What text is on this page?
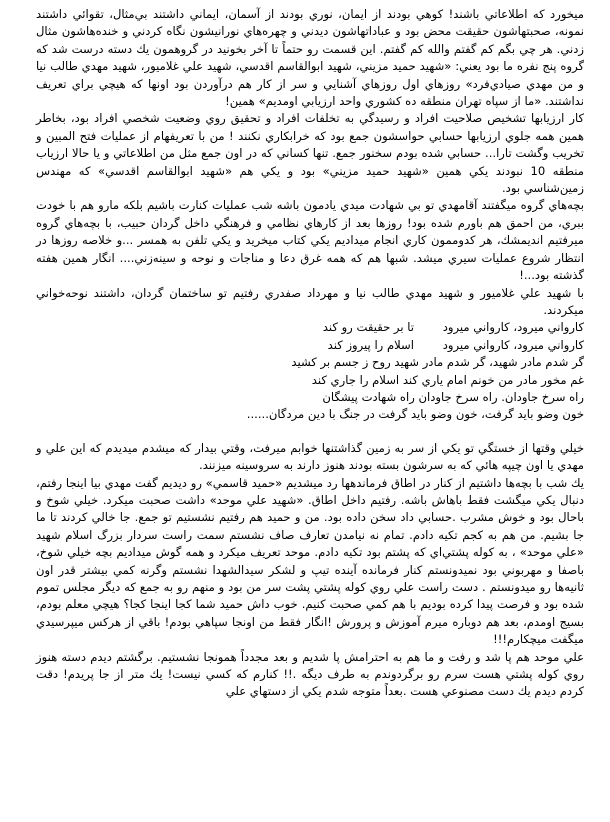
ميخورد كه اطلاعاتي باشند! كوهي بودند از ايمان، نوري بودند از آسمان، ايماني داشتند بي‌مثال، تقوائي داشتند نمونه، صحبتهاشون حقيقت محض بود و عباداتهاشون ديدني و چهره‌هاي نورانيشون نگاه كردني و خنده‌هاشون مثال زدني. هر چي بگم كم گفتم والله كم گفتم. اين قسمت رو حتماً تا آخر بخونيد در گروهمون يك دسته درست شد كه گروه پنج نفره ما بود يعني: «شهيد حميد مزيني، شهيد ابوالقاسم اقدسي، شهيد علي غلاميور، شهيد مهدي طالب نيا و من مهدي صيادي‌فرد» روزهاي اول روزهاي آشنايي و سر از كار هم درآوردن بود اونها كه هيچي براي تعريف نداشتند. «ما از سپاه تهران منطقه ده كشوري واحد ارزيابي اومديم» همين!

كار ارزيابها تشخيص صلاحيت افراد و رسيدگي به تخلفات افراد و تحقيق روي وضعيت شخصي افراد بود، بخاطر همين همه جلوي ارزيابها حسابي حواسشون جمع بود كه خرابكاري نكنند ! من با تعريفهام از عمليات فتح المبين و تخريب وگشت تارا... حسابي شده بودم سخنور جمع. تنها كساني كه در اون جمع مثل من اطلاعاتي و يا حالا ارزياب منطقه 10 نبودند يكي همين «شهيد حميد مزيني» بود و يكي هم «شهيد ابوالقاسم اقدسي» كه مهندس زمين‌شناسي بود.

بچه‌هاي گروه ميگفتند آقامهدي تو بي شهادت ميدي يادمون باشه شب عمليات كنارت باشيم بلكه مارو هم با خودت ببري، من احمق هم باورم شده بود! روزها بعد از كارهاي نظامي و فرهنگي داخل گردان حبيب، با بچه‌هاي گروه ميرفتيم انديمشك، هر كدوممون كاري انجام ميداديم يكي كتاب ميخريد و يكي تلفن به همسر ...و خلاصه روزها در انتظار شروع عمليات سيري ميشد. شبها هم كه همه غرق دعا و مناجات و نوحه و سينه‌زني.... انگار همين هفته گذشته بود...!

با شهيد علي غلاميور و شهيد مهدي طالب نيا و مهرداد صفدري رفتيم تو ساختمان گردان، داشتند نوحه‌خواني ميكردند.

كارواني ميرود، كارواني ميرود
تا بر حقيقت رو كند
كارواني ميرود، كارواني ميرود
اسلام را پيروز كند

گر شدم مادر شهيد، گر شدم مادر شهيد روح ز جسم بر كشيد

غم مخور مادر من خونم امام ياري كند اسلام را جاري كند

راه سرخ جاودان. راه سرخ جاودان راه شهادت پيشگان

خون وضو بايد گرفت، خون وضو بايد گرفت در جنگ با دين مردگان......

خيلي وقتها از خستگي تو يكي از سر به زمين گذاشتنها خوابم ميرفت، وقتي بيدار كه ميشدم ميديدم كه اين علي و مهدي يا اون چيپه هائي كه به سرشون بسته بودند هنوز دارند به سروسينه ميزنند.

يك شب با بچه‌ها داشتيم از كنار در اطاق فرماندهها رد ميشديم «حميد قاسمي» رو ديديم گفت مهدي بيا اينجا رفتم، دنبال يكي ميگشت فقط باهاش باشه. رفتيم داخل اطاق. «شهيد علي موحد» داشت صحبت ميكرد. خيلي شوخ و باحال بود و خوش مشرب .حسابي داد سخن داده بود. من و حميد هم رفتيم نشستيم تو جمع. جا خالي كردند تا ما جا بشيم. من هم به كجم تكيه دادم. تمام نه نيامدن تعارف صاف نشستم سمت راست سردار بزرگ اسلام شهيد «علي موحد» ، به كوله پشتي‌اي كه پشتم بود تكيه دادم. موحد تعريف ميكرد و همه گوش ميداديم بچه خيلي شوخ، باصفا و مهربوني بود نميدونستم كنار فرمانده آينده تيپ و لشكر سيدالشهدا نشستم وگرنه كمي بيشتر قدر اون ثانيه‌ها رو ميدونستم . دست راست علي روي كوله پشتي پشت سر من بود و منهم رو به جمع كه ديگر مجلس تموم شده بود و فرصت پيدا كرده بوديم با هم كمي صحبت كنيم. خوب داش حميد شما كجا اينجا كجا؟ هيچي معلم بودم، بسيج اومدم، بعد هم دوباره ميرم آموزش و پرورش !انگار فقط من اونجا سپاهي بودم! باقي از هركس ميپرسيدي ميگفت ميچكارم!!!

علي موحد هم پا شد و رفت و ما هم به احترامش پا شديم و بعد مجدداً همونجا نشستيم. برگشتم ديدم دسته هنوز روي كوله پشتي هست سرم رو برگردوندم به طرف ديگه .!! كنارم كه كسي نيست! يك متر از جا پريدم! دقت كردم ديدم يك دست مصنوعي هست .بعداً متوجه شدم يكي از دستهاي علي
